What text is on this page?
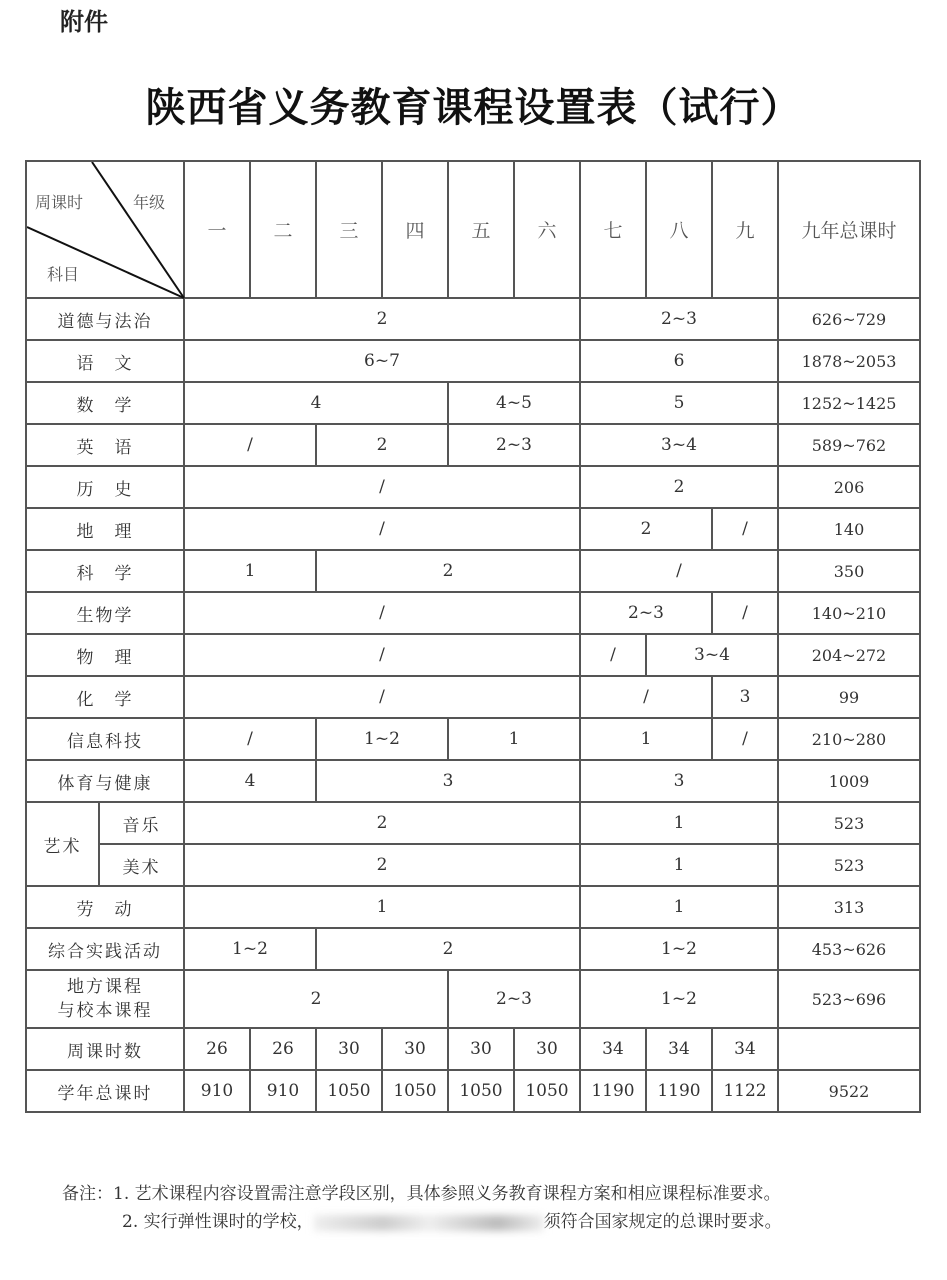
附件
陕西省义务教育课程设置表（试行）
周课时 年级
科目		一	二	三	四	五	六	七	八	九	九年总课时
道德与法治		2						2~3			626~729
语　文		6~7						6			1878~2053
数　学		4				4~5		5			1252~1425
英　语		/		2		2~3		3~4			589~762
历　史		/						2			206
地　理		/						2		/	140
科　学		1		2				/			350
生物学		/						2~3		/	140~210
物　理		/						/	3~4		204~272
化　学		/						/		3	99
信息科技		/		1~2		1		1		/	210~280
体育与健康		4		3				3			1009
艺术	音乐	2						1			523
	美术	2						1			523
劳　动		1						1			313
综合实践活动		1~2		2				1~2			453~626
地方课程
与校本课程		2				2~3		1~2			523~696
周课时数		26	26	30	30	30	30	34	34	34	
学年总课时		910	910	1050	1050	1050	1050	1190	1190	1122	9522
备注：1. 艺术课程内容设置需注意学段区别，具体参照义务教育课程方案和相应课程标准要求。
2. 实行弹性课时的学校，	须符合国家规定的总课时要求。
